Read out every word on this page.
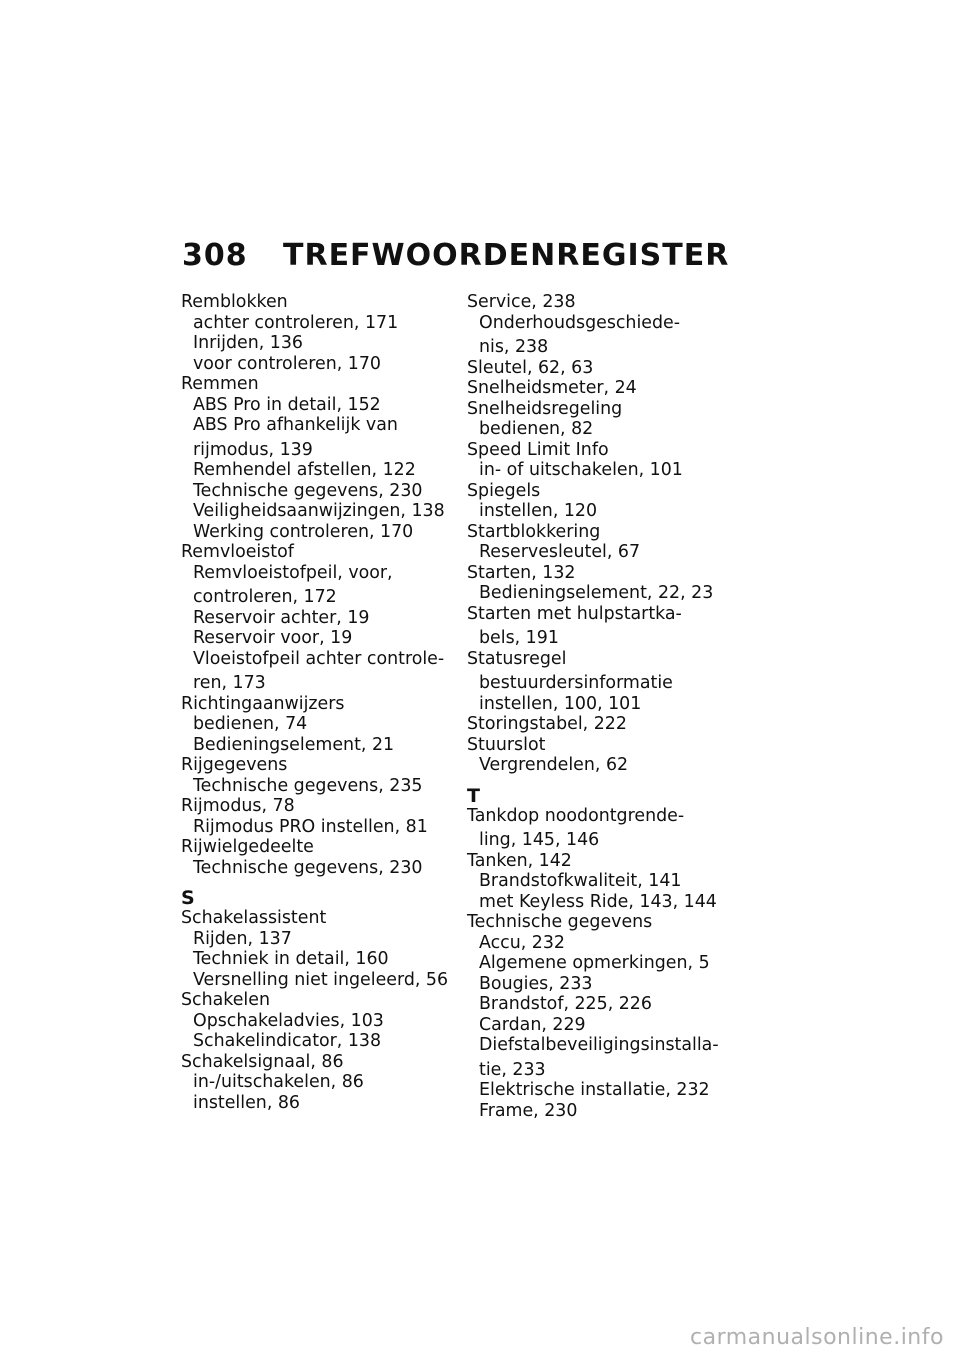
308 TREFWOORDENREGISTER
Remblokken
achter controleren, 171
Inrijden, 136
voor controleren, 170
Remmen
ABS Pro in detail, 152
ABS Pro afhankelijk van
rijmodus, 139
Remhendel afstellen, 122
Technische gegevens, 230
Veiligheidsaanwijzingen, 138
Werking controleren, 170
Remvloeistof
Remvloeistofpeil, voor,
controleren, 172
Reservoir achter, 19
Reservoir voor, 19
Vloeistofpeil achter controle-
ren, 173
Richtingaanwijzers
bedienen, 74
Bedieningselement, 21
Rijgegevens
Technische gegevens, 235
Rijmodus, 78
Rijmodus PRO instellen, 81
Rijwielgedeelte
Technische gegevens, 230
S
Schakelassistent
Rijden, 137
Techniek in detail, 160
Versnelling niet ingeleerd, 56
Schakelen
Opschakeladvies, 103
Schakelindicator, 138
Schakelsignaal, 86
in-/uitschakelen, 86
instellen, 86
Service, 238
Onderhoudsgeschiede-
nis, 238
Sleutel, 62, 63
Snelheidsmeter, 24
Snelheidsregeling
bedienen, 82
Speed Limit Info
in- of uitschakelen, 101
Spiegels
instellen, 120
Startblokkering
Reservesleutel, 67
Starten, 132
Bedieningselement, 22, 23
Starten met hulpstartka-
bels, 191
Statusregel
bestuurdersinformatie
instellen, 100, 101
Storingstabel, 222
Stuurslot
Vergrendelen, 62
T
Tankdop noodontgrende-
ling, 145, 146
Tanken, 142
Brandstofkwaliteit, 141
met Keyless Ride, 143, 144
Technische gegevens
Accu, 232
Algemene opmerkingen, 5
Bougies, 233
Brandstof, 225, 226
Cardan, 229
Diefstalbeveiligingsinstalla-
tie, 233
Elektrische installatie, 232
Frame, 230
carmanualsonline.info
